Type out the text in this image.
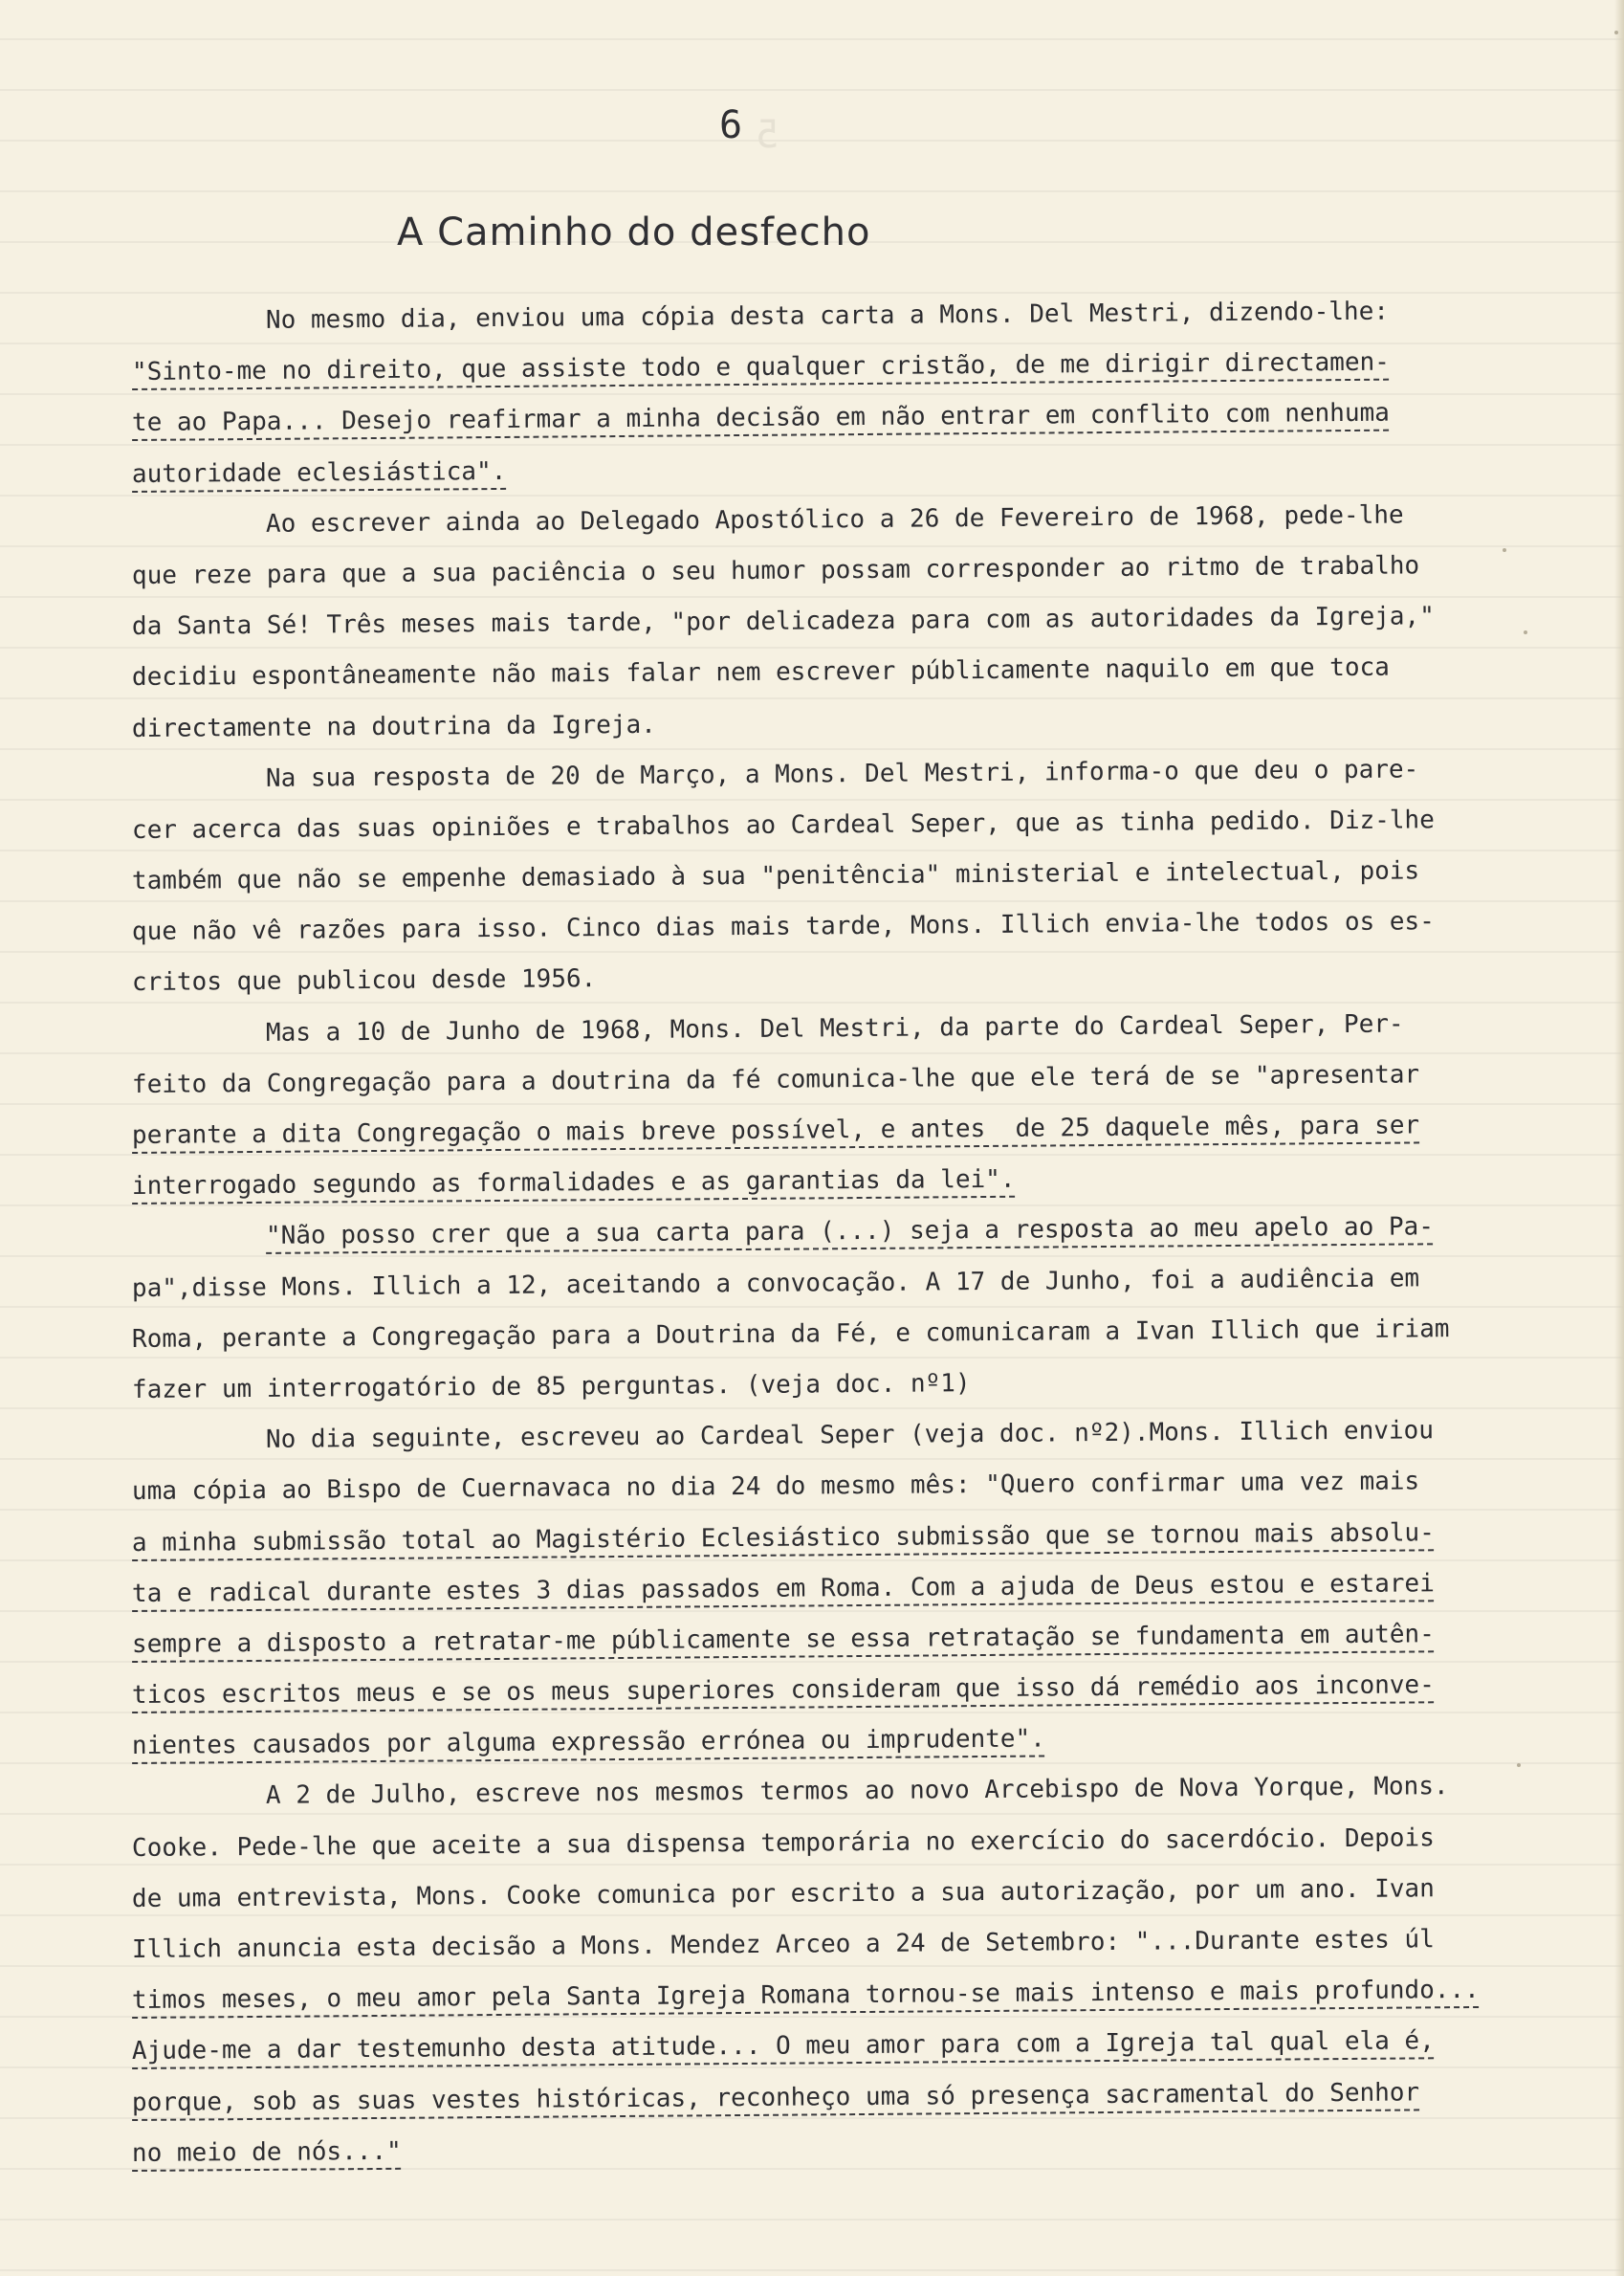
6 5
A Caminho do desfecho
No mesmo dia, enviou uma cópia desta carta a Mons. Del Mestri, dizendo-lhe:
"Sinto-me no direito, que assiste todo e qualquer cristão, de me dirigir directamen-
te ao Papa... Desejo reafirmar a minha decisão em não entrar em conflito com nenhuma
autoridade eclesiástica".
Ao escrever ainda ao Delegado Apostólico a 26 de Fevereiro de 1968, pede-lhe
que reze para que a sua paciência o seu humor possam corresponder ao ritmo de trabalho
da Santa Sé! Três meses mais tarde, "por delicadeza para com as autoridades da Igreja,"
decidiu espontâneamente não mais falar nem escrever públicamente naquilo em que toca
directamente na doutrina da Igreja.
Na sua resposta de 20 de Março, a Mons. Del Mestri, informa-o que deu o pare-
cer acerca das suas opiniões e trabalhos ao Cardeal Seper, que as tinha pedido. Diz-lhe
também que não se empenhe demasiado à sua "penitência" ministerial e intelectual, pois
que não vê razões para isso. Cinco dias mais tarde, Mons. Illich envia-lhe todos os es-
critos que publicou desde 1956.
Mas a 10 de Junho de 1968, Mons. Del Mestri, da parte do Cardeal Seper, Per-
feito da Congregação para a doutrina da fé comunica-lhe que ele terá de se "apresentar
perante a dita Congregação o mais breve possível, e antes  de 25 daquele mês, para ser
interrogado segundo as formalidades e as garantias da lei".
"Não posso crer que a sua carta para (...) seja a resposta ao meu apelo ao Pa-
pa",disse Mons. Illich a 12, aceitando a convocação. A 17 de Junho, foi a audiência em
Roma, perante a Congregação para a Doutrina da Fé, e comunicaram a Ivan Illich que iriam
fazer um interrogatório de 85 perguntas. (veja doc. nº1)
No dia seguinte, escreveu ao Cardeal Seper (veja doc. nº2).Mons. Illich enviou
uma cópia ao Bispo de Cuernavaca no dia 24 do mesmo mês: "Quero confirmar uma vez mais
a minha submissão total ao Magistério Eclesiástico submissão que se tornou mais absolu-
ta e radical durante estes 3 dias passados em Roma. Com a ajuda de Deus estou e estarei
sempre a disposto a retratar-me públicamente se essa retratação se fundamenta em autên-
ticos escritos meus e se os meus superiores consideram que isso dá remédio aos inconve-
nientes causados por alguma expressão errónea ou imprudente".
A 2 de Julho, escreve nos mesmos termos ao novo Arcebispo de Nova Yorque, Mons.
Cooke. Pede-lhe que aceite a sua dispensa temporária no exercício do sacerdócio. Depois
de uma entrevista, Mons. Cooke comunica por escrito a sua autorização, por um ano. Ivan
Illich anuncia esta decisão a Mons. Mendez Arceo a 24 de Setembro: "...Durante estes úl
timos meses, o meu amor pela Santa Igreja Romana tornou-se mais intenso e mais profundo...
Ajude-me a dar testemunho desta atitude... O meu amor para com a Igreja tal qual ela é,
porque, sob as suas vestes históricas, reconheço uma só presença sacramental do Senhor
no meio de nós..."
